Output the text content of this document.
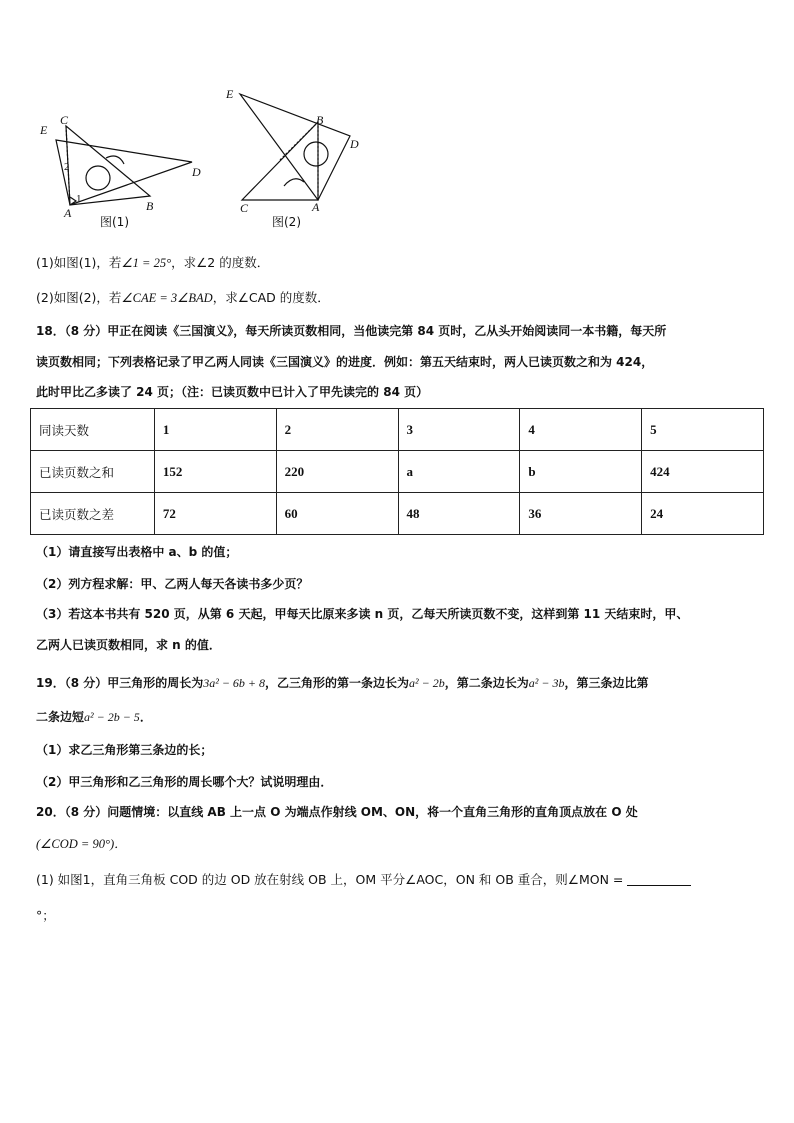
C
E
D
A	B
2
1
图(1)
E
B
D
C	A
图(2)
(1)如图(1)，若∠1 = 25°，求∠2 的度数．
(2)如图(2)，若∠CAE = 3∠BAD，求∠CAD 的度数．
18．（8 分）甲正在阅读《三国演义》，每天所读页数相同，当他读完第 84 页时，乙从头开始阅读同一本书籍，每天所
读页数相同；下列表格记录了甲乙两人同读《三国演义》的进度．例如：第五天结束时，两人已读页数之和为 424，
此时甲比乙多读了 24 页；（注：已读页数中已计入了甲先读完的 84 页）
同读天数	1	2	3	4	5
已读页数之和	152	220	a	b	424
已读页数之差	72	60	48	36	24
（1）请直接写出表格中 a、b 的值；
（2）列方程求解：甲、乙两人每天各读书多少页？
（3）若这本书共有 520 页，从第 6 天起，甲每天比原来多读 n 页，乙每天所读页数不变，这样到第 11 天结束时，甲、
乙两人已读页数相同，求 n 的值．
19．（8 分）甲三角形的周长为3a² − 6b + 8，乙三角形的第一条边长为a² − 2b，第二条边长为a² − 3b，第三条边比第
二条边短a² − 2b − 5．
（1）求乙三角形第三条边的长；
（2）甲三角形和乙三角形的周长哪个大？试说明理由．
20．（8 分）问题情境：以直线 AB 上一点 O 为端点作射线 OM、ON，将一个直角三角形的直角顶点放在 O 处
(∠COD = 90°)．
(1) 如图1，直角三角板 COD 的边 OD 放在射线 OB 上，OM 平分∠AOC，ON 和 OB 重合，则∠MON =
°；
